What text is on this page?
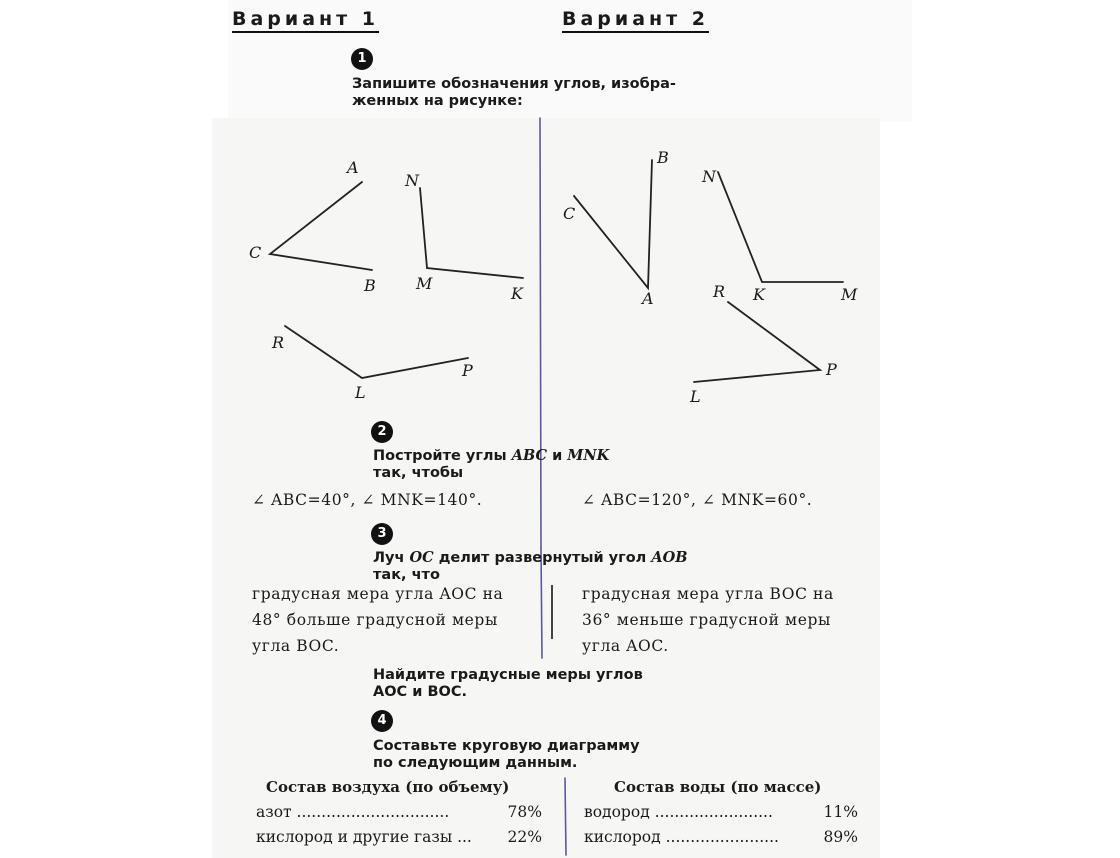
Вариант 1	Вариант 2
1
Запишите обозначения углов, изобра-
женных на рисунке:
A
C
B
N
M
K
R
L
P
B
C
A
N
K	M
R
P
L
2
Постройте углы ABC и MNK
так, чтобы
∠ ABC=40°, ∠ MNK=140°.	∠ ABC=120°, ∠ MNK=60°.
3
Луч OC делит развернутый угол AOB
так, что
градусная мера угла AOC на
48° больше градусной меры
угла BOC.
градусная мера угла BOC на
36° меньше градусной меры
угла AOC.
Найдите градусные меры углов
AOC и BOC.
4
Составьте круговую диаграмму
по следующим данным.
Состав воздуха (по объему)	Состав воды (по массе)
азот ...............................	78%
кислород и другие газы ... 22%
водород ........................	11%
кислород .......................	89%
